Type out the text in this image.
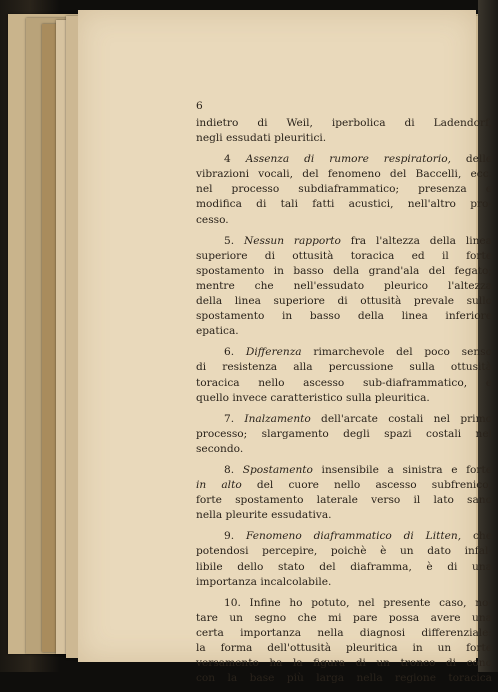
6
indietro di Weil, iperbolica di Ladendorf,
negli essudati pleuritici.
4 Assenza di rumore respiratorio, delle
vibrazioni vocali, del fenomeno del Baccelli, ecc.
nel processo subdiaframmatico; presenza e
modifica di tali fatti acustici, nell'altro pro-
cesso.
5. Nessun rapporto fra l'altezza della linea
superiore di ottusità toracica ed il forte
spostamento in basso della grand'ala del fegato;
mentre che nell'essudato pleurico l'altezza
della linea superiore di ottusità prevale sullo
spostamento in basso della linea inferiore
epatica.
6. Differenza rimarchevole del poco senso
di resistenza alla percussione sulla ottusità
toracica nello ascesso sub-diaframmatico, e
quello invece caratteristico sulla pleuritica.
7. Inalzamento dell'arcate costali nel primo
processo; slargamento degli spazi costali nel
secondo.
8. Spostamento insensibile a sinistra e forte
in alto del cuore nello ascesso subfrenico,
forte spostamento laterale verso il lato sano
nella pleurite essudativa.
9. Fenomeno diaframmatico di Litten, che
potendosi percepire, poichè è un dato infal-
libile dello stato del diaframma, è di una
importanza incalcolabile.
10. Infine ho potuto, nel presente caso, no-
tare un segno che mi pare possa avere una
certa importanza nella diagnosi differenziale:
la forma dell'ottusità pleuritica in un forte
versamento ha la figura di un tronco di cono
con la base più larga nella regione toracica
